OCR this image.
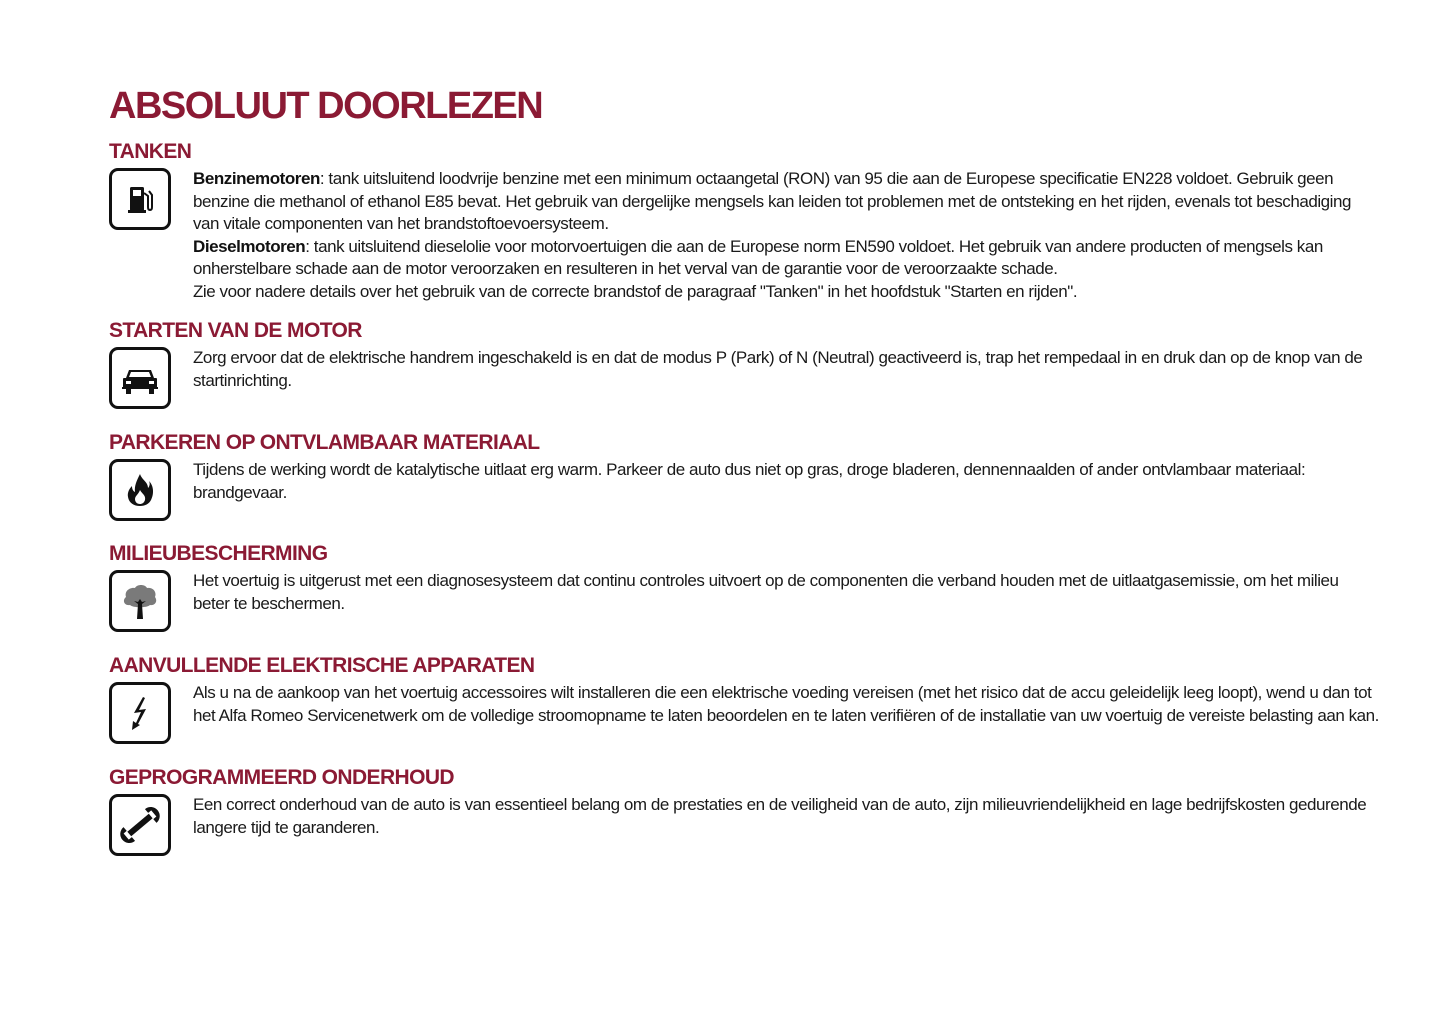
ABSOLUUT DOORLEZEN
TANKEN

Benzinemotoren: tank uitsluitend loodvrije benzine met een minimum octaangetal (RON) van 95 die aan de Europese specificatie EN228 voldoet. Gebruik geen benzine die methanol of ethanol E85 bevat. Het gebruik van dergelijke mengsels kan leiden tot problemen met de ontsteking en het rijden, evenals tot beschadiging van vitale componenten van het brandstoftoevoersysteem.

Dieselmotoren: tank uitsluitend dieselolie voor motorvoertuigen die aan de Europese norm EN590 voldoet. Het gebruik van andere producten of mengsels kan onherstelbare schade aan de motor veroorzaken en resulteren in het verval van de garantie voor de veroorzaakte schade.

Zie voor nadere details over het gebruik van de correcte brandstof de paragraaf "Tanken" in het hoofdstuk "Starten en rijden".

STARTEN VAN DE MOTOR

Zorg ervoor dat de elektrische handrem ingeschakeld is en dat de modus P (Park) of N (Neutral) geactiveerd is, trap het rempedaal in en druk dan op de knop van de startinrichting.

PARKEREN OP ONTVLAMBAAR MATERIAAL

Tijdens de werking wordt de katalytische uitlaat erg warm. Parkeer de auto dus niet op gras, droge bladeren, dennennaalden of ander ontvlambaar materiaal: brandgevaar.

MILIEUBESCHERMING

Het voertuig is uitgerust met een diagnosesysteem dat continu controles uitvoert op de componenten die verband houden met de uitlaatgasemissie, om het milieu beter te beschermen.

AANVULLENDE ELEKTRISCHE APPARATEN

Als u na de aankoop van het voertuig accessoires wilt installeren die een elektrische voeding vereisen (met het risico dat de accu geleidelijk leeg loopt), wend u dan tot het Alfa Romeo Servicenetwerk om de volledige stroomopname te laten beoordelen en te laten verifiëren of de installatie van uw voertuig de vereiste belasting aan kan.

GEPROGRAMMEERD ONDERHOUD

Een correct onderhoud van de auto is van essentieel belang om de prestaties en de veiligheid van de auto, zijn milieuvriendelijkheid en lage bedrijfskosten gedurende langere tijd te garanderen.
